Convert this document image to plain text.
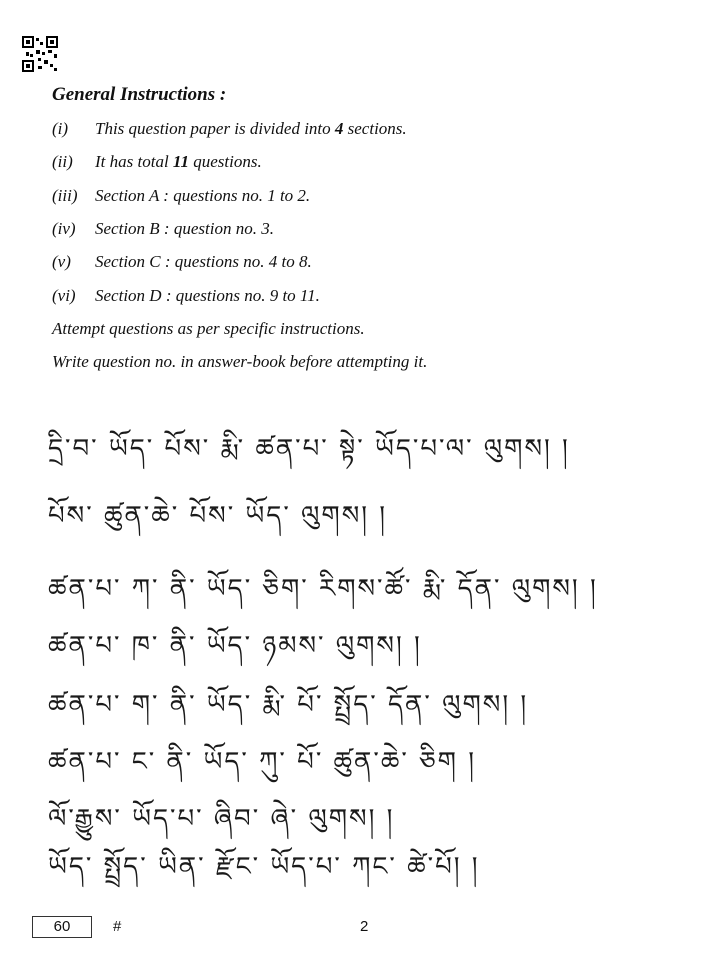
General Instructions :
(i) This question paper is divided into 4 sections.
(ii) It has total 11 questions.
(iii) Section A : questions no. 1 to 2.
(iv) Section B : question no. 3.
(v) Section C : questions no. 4 to 8.
(vi) Section D : questions no. 9 to 11.
Attempt questions as per specific instructions.
Write question no. in answer-book before attempting it.
དྲི་བ་ ཡོད་ པོས་ རྨི་ ཚན་པ་ སྟེ་ ཡོད་པ་ལ་ ལུགས། །
པོས་ ཚུན་ཆེ་ པོས་ ཡོད་ ལུགས། །
ཚན་པ་ ཀ་ ནི་ ཡོད་ ཅིག་ རིགས་ཚོ་ རྨི་ དོན་ ལུགས། །
ཚན་པ་ ཁ་ ནི་ ཡོད་ ཉམས་ ལུགས། །
ཚན་པ་ ག་ ནི་ ཡོད་ རྨི་ པོ་ སྤྲོད་ དོན་ ལུགས། །
ཚན་པ་ ང་ ནི་ ཡོད་ ཀུ་ པོ་ ཚུན་ཆེ་ ཅིག །
ལོ་རྒྱུས་ ཡོད་པ་ ཞིབ་ ཞེ་ ལུགས། །
ཡོད་ སྤྲོད་ ཡིན་ རྫོང་ ཡོད་པ་ ཀང་ ཚེ་པོ། །
60	#	2
